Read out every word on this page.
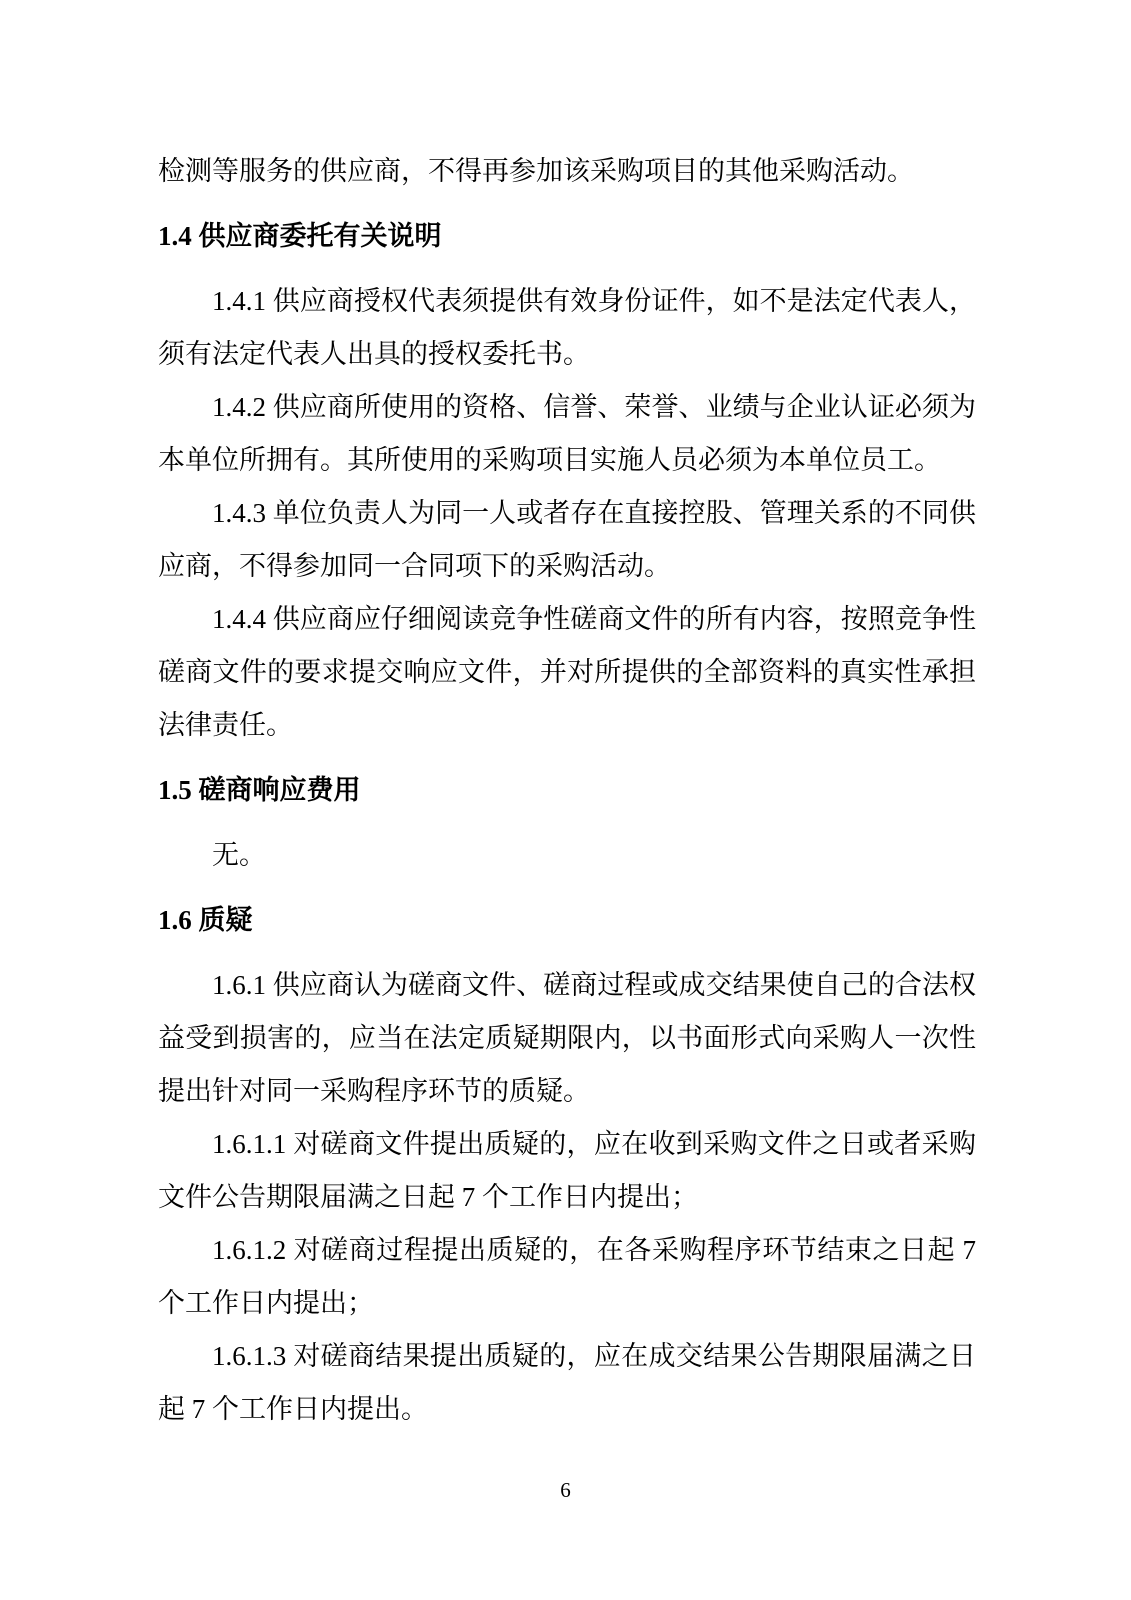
检测等服务的供应商，不得再参加该采购项目的其他采购活动。

1.4 供应商委托有关说明

1.4.1 供应商授权代表须提供有效身份证件，如不是法定代表人，
须有法定代表人出具的授权委托书。

1.4.2 供应商所使用的资格、信誉、荣誉、业绩与企业认证必须为
本单位所拥有。其所使用的采购项目实施人员必须为本单位员工。

1.4.3 单位负责人为同一人或者存在直接控股、管理关系的不同供
应商，不得参加同一合同项下的采购活动。

1.4.4 供应商应仔细阅读竞争性磋商文件的所有内容，按照竞争性
磋商文件的要求提交响应文件，并对所提供的全部资料的真实性承担
法律责任。

1.5 磋商响应费用

无。

1.6 质疑

1.6.1 供应商认为磋商文件、磋商过程或成交结果使自己的合法权
益受到损害的，应当在法定质疑期限内，以书面形式向采购人一次性
提出针对同一采购程序环节的质疑。

1.6.1.1 对磋商文件提出质疑的，应在收到采购文件之日或者采购
文件公告期限届满之日起 7 个工作日内提出；

1.6.1.2 对磋商过程提出质疑的，在各采购程序环节结束之日起 7
个工作日内提出；

1.6.1.3 对磋商结果提出质疑的，应在成交结果公告期限届满之日
起 7 个工作日内提出。

6
